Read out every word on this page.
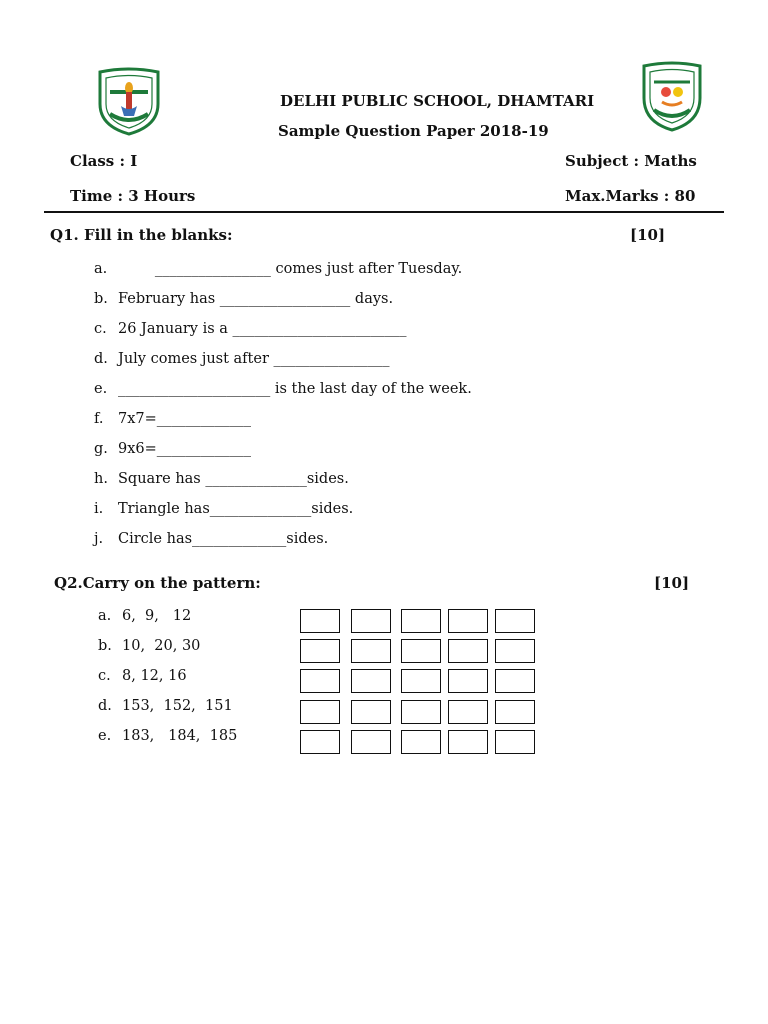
DELHI PUBLIC SCHOOL, DHAMTARI
Sample Question Paper 2018-19
Class : I	Subject : Maths
Time : 3 Hours	Max.Marks : 80
Q1. Fill in the blanks:	[10]
a.        ________________ comes just after Tuesday.
b. February has __________________ days.
c. 26 January is a ________________________
d. July comes just after ________________
e. _____________________ is the last day of the week.
f. 7x7=_____________
g. 9x6=_____________
h. Square has ______________sides.
i. Triangle has______________sides.
j. Circle has_____________sides.
Q2.Carry on the pattern:	[10]
a. 6,  9,   12
b. 10,  20, 30
c. 8, 12, 16
d. 153,  152,  151
e. 183,   184,  185
